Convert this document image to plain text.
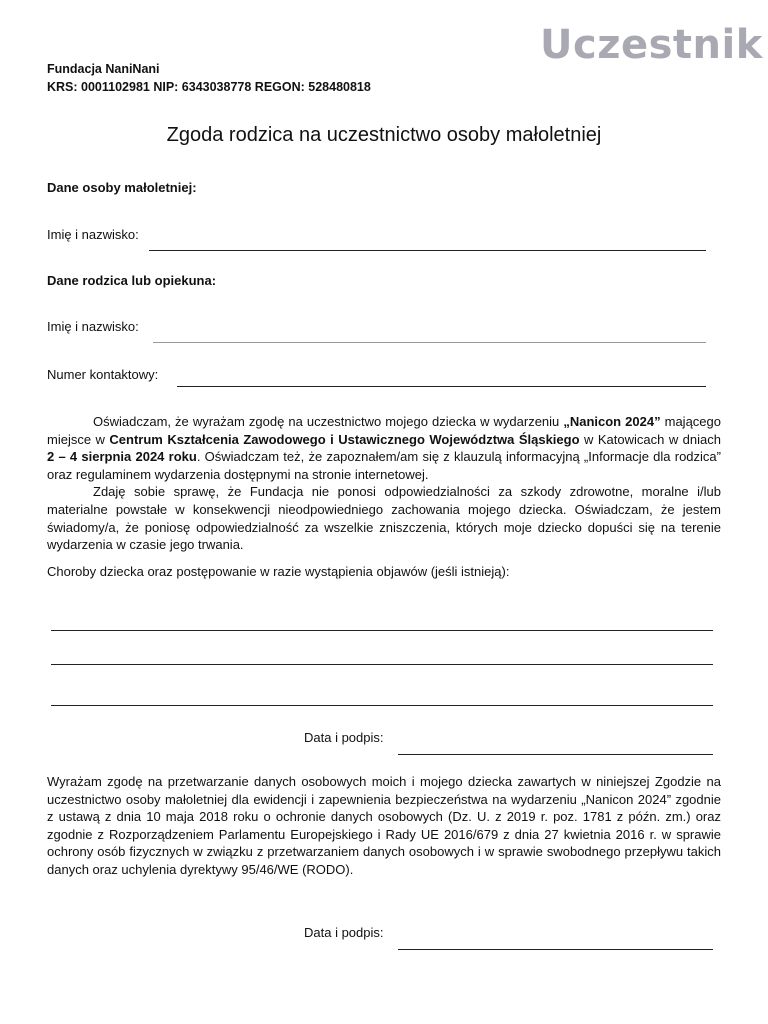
Uczestnik
Fundacja NaniNani
KRS: 0001102981 NIP: 6343038778 REGON: 528480818
Zgoda rodzica na uczestnictwo osoby małoletniej
Dane osoby małoletniej:
Imię i nazwisko:
Dane rodzica lub opiekuna:
Imię i nazwisko:
Numer kontaktowy:

Oświadczam, że wyrażam zgodę na uczestnictwo mojego dziecka w wydarzeniu „Nanicon 2024” mającego miejsce w Centrum Kształcenia Zawodowego i Ustawicznego Województwa Śląskiego w Katowicach w dniach 2 – 4 sierpnia 2024 roku. Oświadczam też, że zapoznałem/am się z klauzulą informacyjną „Informacje dla rodzica” oraz regulaminem wydarzenia dostępnymi na stronie internetowej.

Zdaję sobie sprawę, że Fundacja nie ponosi odpowiedzialności za szkody zdrowotne, moralne i/lub materialne powstałe w konsekwencji nieodpowiedniego zachowania mojego dziecka. Oświadczam, że jestem świadomy/a, że poniosę odpowiedzialność za wszelkie zniszczenia, których moje dziecko dopuści się na terenie wydarzenia w czasie jego trwania.

Choroby dziecka oraz postępowanie w razie wystąpienia objawów (jeśli istnieją):
Data i podpis:

Wyrażam zgodę na przetwarzanie danych osobowych moich i mojego dziecka zawartych w niniejszej Zgodzie na uczestnictwo osoby małoletniej dla ewidencji i zapewnienia bezpieczeństwa na wydarzeniu „Nanicon 2024” zgodnie z ustawą z dnia 10 maja 2018 roku o ochronie danych osobowych (Dz. U. z 2019 r. poz. 1781 z późn. zm.) oraz zgodnie z Rozporządzeniem Parlamentu Europejskiego i Rady UE 2016/679 z dnia 27 kwietnia 2016 r. w sprawie ochrony osób fizycznych w związku z przetwarzaniem danych osobowych i w sprawie swobodnego przepływu takich danych oraz uchylenia dyrektywy 95/46/WE (RODO).

Data i podpis:
